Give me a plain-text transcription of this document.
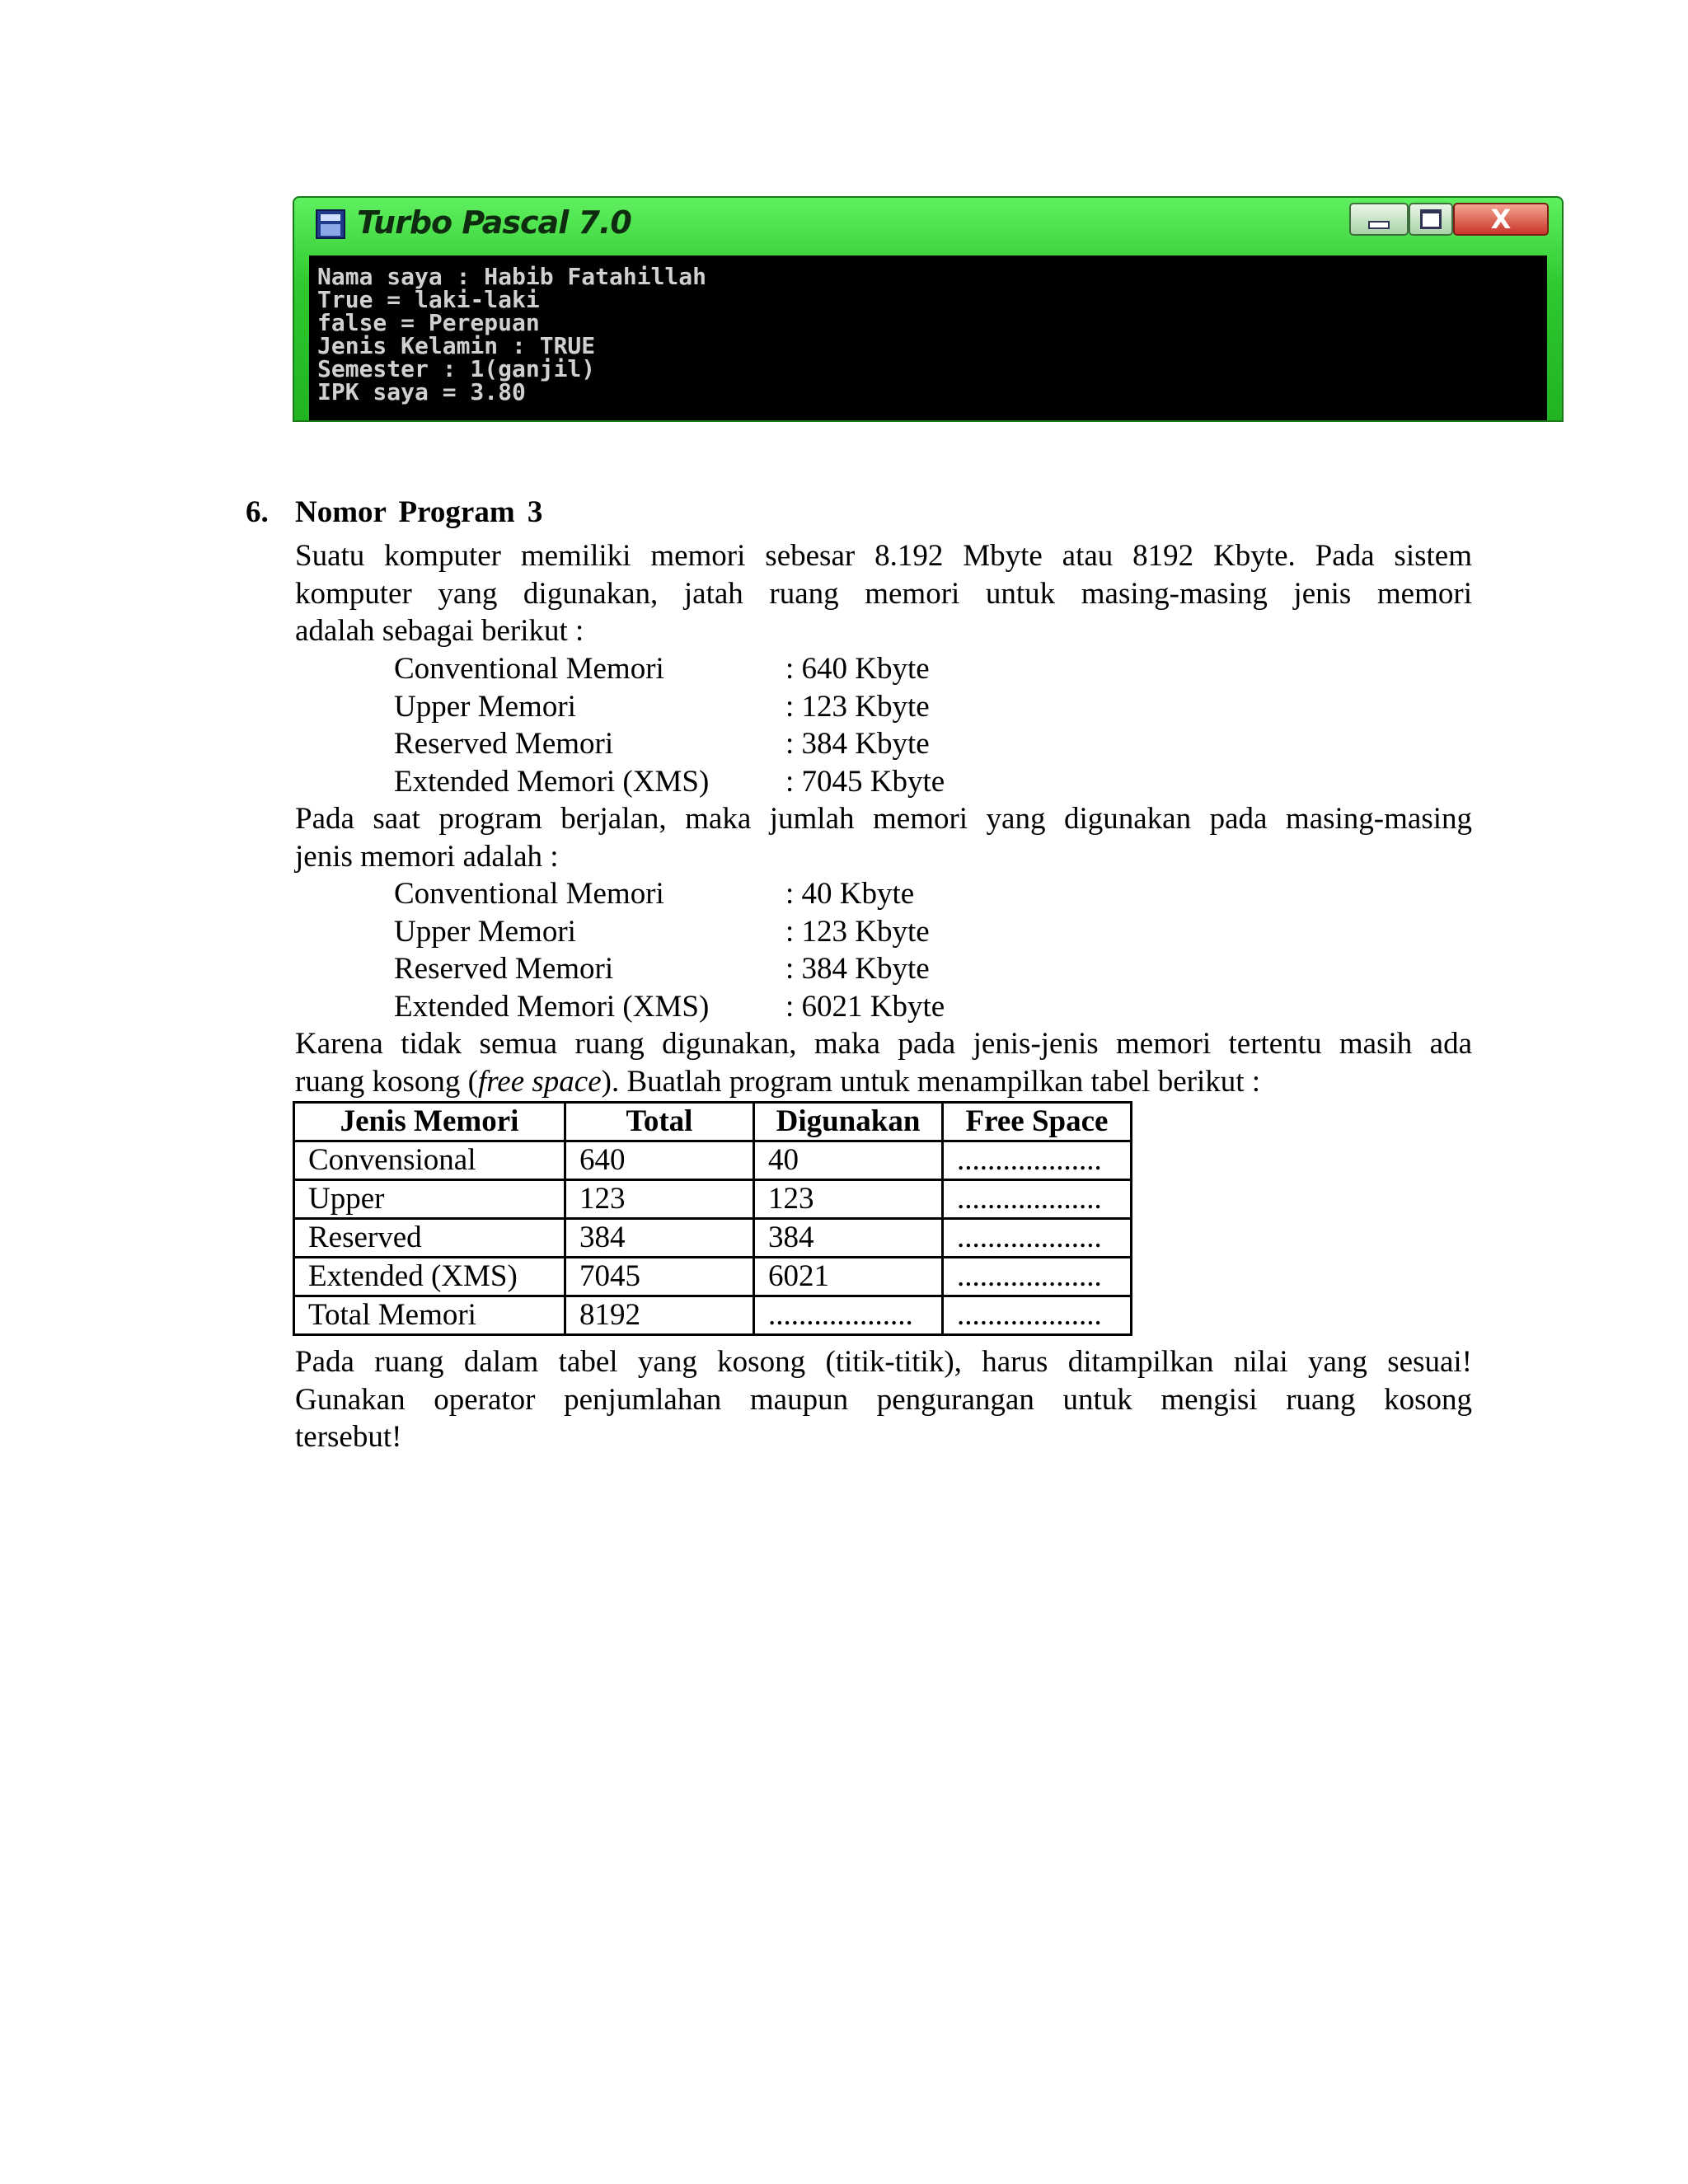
Turbo Pascal 7.0	X
Nama saya : Habib Fatahillah
True = laki-laki
false = Perepuan
Jenis Kelamin : TRUE
Semester : 1(ganjil)
IPK saya = 3.80
6. Nomor Program 3
Suatu komputer memiliki memori sebesar 8.192 Mbyte atau 8192 Kbyte. Pada sistem
komputer yang digunakan, jatah ruang memori untuk masing-masing jenis memori
adalah sebagai berikut :
Conventional Memori	: 640 Kbyte
Upper Memori	: 123 Kbyte
Reserved Memori	: 384 Kbyte
Extended Memori (XMS)	: 7045 Kbyte
Pada saat program berjalan, maka jumlah memori yang digunakan pada masing-masing
jenis memori adalah :
Conventional Memori	: 40 Kbyte
Upper Memori	: 123 Kbyte
Reserved Memori	: 384 Kbyte
Extended Memori (XMS)	: 6021 Kbyte
Karena tidak semua ruang digunakan, maka pada jenis-jenis memori tertentu masih ada
ruang kosong (free space). Buatlah program untuk menampilkan tabel berikut :
Jenis Memori	Total	Digunakan	Free Space
Convensional	640	40	...................
Upper	123	123	...................
Reserved	384	384	...................
Extended (XMS)	7045	6021	...................
Total Memori	8192	...................	...................
Pada ruang dalam tabel yang kosong (titik-titik), harus ditampilkan nilai yang sesuai!
Gunakan operator penjumlahan maupun pengurangan untuk mengisi ruang kosong
tersebut!
